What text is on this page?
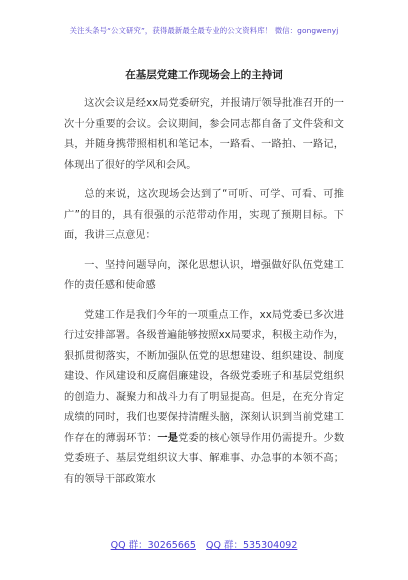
关注头条号“公文研究”，获得最新最全最专业的公文资料库！ 微信：gongwenyj
在基层党建工作现场会上的主持词

这次会议是经xx局党委研究，并报请厅领导批准召开的一次十分重要的会议。会议期间，参会同志都自备了文件袋和文具，并随身携带照相机和笔记本，一路看、一路拍、一路记，体现出了很好的学风和会风。

总的来说，这次现场会达到了“可听、可学、可看、可推广”的目的，具有很强的示范带动作用，实现了预期目标。下面，我讲三点意见：

一、坚持问题导向，深化思想认识，增强做好队伍党建工作的责任感和使命感

党建工作是我们今年的一项重点工作，xx局党委已多次进行过安排部署。各级普遍能够按照xx局要求，积极主动作为，狠抓贯彻落实，不断加强队伍党的思想建设、组织建设、制度建设、作风建设和反腐倡廉建设，各级党委班子和基层党组织的创造力、凝聚力和战斗力有了明显提高。但是，在充分肯定成绩的同时，我们也要保持清醒头脑，深刻认识到当前党建工作存在的薄弱环节：一是党委的核心领导作用仍需提升。少数党委班子、基层党组织议大事、解难事、办急事的本领不高；有的领导干部政策水

QQ 群：30265665 QQ 群：535304092
